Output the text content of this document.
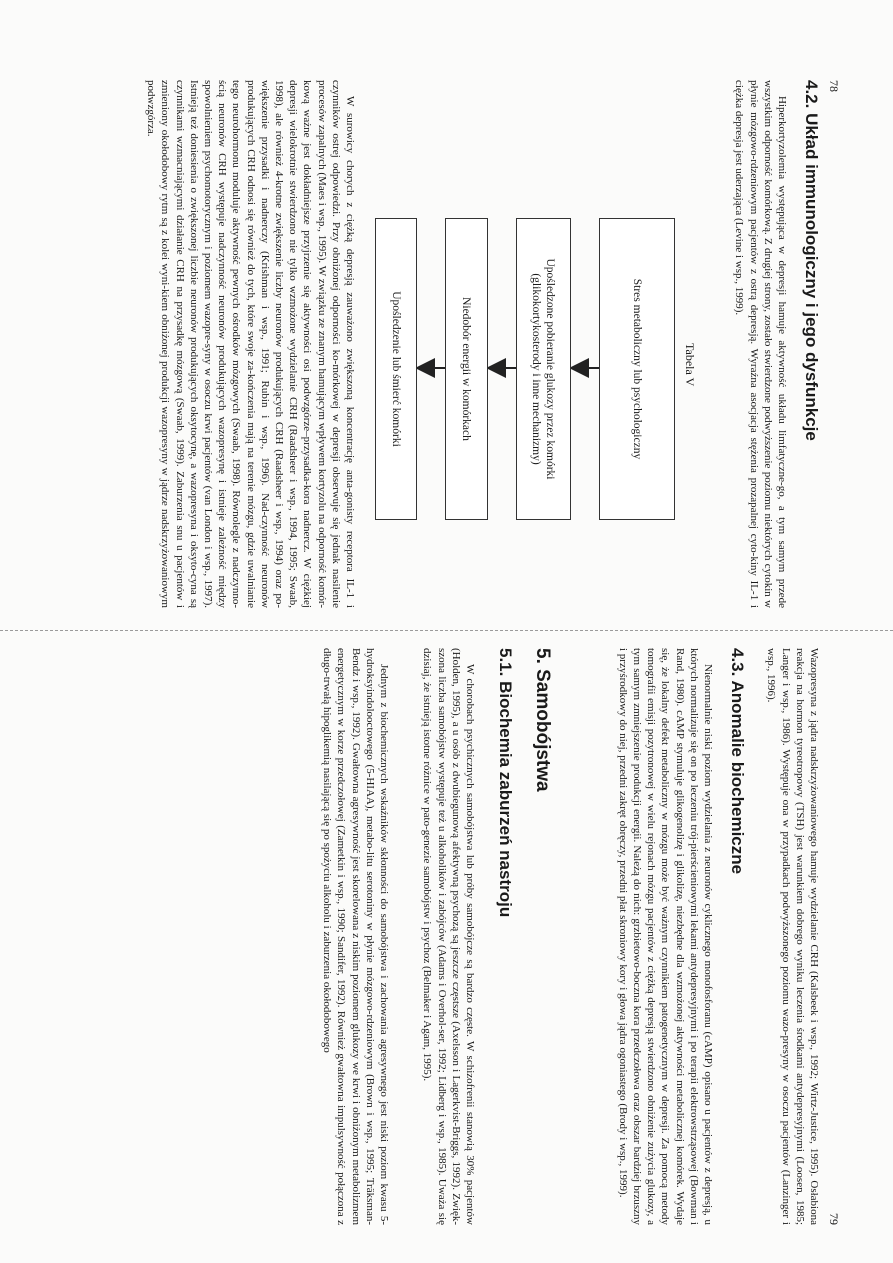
78
4.2. Układ immunologiczny i jego dysfunkcje

Hiperkortyzolemia występująca w depresji hamuje aktywność układu limfatyczne-go, a tym samym przede wszystkim odporność komórkową. Z drugiej strony, zostało stwierdzone podwyższenie poziomu niektórych cytokin w płynie mózgowo-rdzeniowym pacjentów z ostrą depresją. Wyraźna asocjacja stężenia prozapalnej cyto-kiny IL-1 i ciężka depresja jest uderzająca (Levine i wsp., 1999).

Tabela V
Stres metaboliczny lub psychologiczny
Upośledzone pobieranie glukozy przez komórki
(glikokortykosterody i inne mechanizmy)
Niedobór energii w komórkach
Upośledzenie lub śmierć komórki

W surowicy chorych z ciężką depresją zauważono zwiększoną koncentrację anta-gonisty receptora IL-1 i czynników ostrej odpowiedzi. Przy obniżonej odporności ko-mórkowej w depresji obserwuje się jednak nasilenie procesów zapalnych (Maes i wsp., 1995). W związku ze znanym hamującym wpływem kortyzolu na odporność komór-kową ważne jest dokładniejsze przyjrzenie się aktywności osi podwzgórze–przysadka-kora nadnercz. W ciężkiej depresji wielokrotnie stwierdzono nie tylko wzmożone wydzielanie CRH (Raadsheer i wsp., 1994, 1995; Swaab, 1998), ale również 4-krotne zwiększenie liczby neuronów produkujących CRH (Raadsheer i wsp., 1994) oraz po-większenie przysadki i nadnerczy (Krishman i wsp., 1991; Rubin i wsp., 1996). Nad-czynność neuronów produkujących CRH odnosi się również do tych, które swoje za-kończenia mają na terenie mózgu, gdzie uwalnianie tego neurohormonu moduluje aktywność pewnych ośrodków mózgowych (Swaab, 1998). Równolegle z nadczynno-ścią neuronów CRH występuje nadczynność neuronów produkujących wazopresynę i istnieje zależność między spowolnieniem psychomotorycznym i poziomem wazopre-syny w osoczu krwi pacjentów (van London i wsp., 1997). Istnieją też doniesienia o zwiększonej liczbie neuronów produkujących oksytocynę, a wazopresyna i oksyto-cyna są czynnikami wzmacniającymi działanie CRH na przysadkę mózgową (Swaab, 1999). Zaburzenia snu u pacjentów i zmieniony okołodobowy rytm są z kolei wyni-kiem obniżonej produkcji wazopresyny w jądrze nadskrzyżowaniowym podwzgórza.

79

Wazopresyna z jądra nadskrzyżowaniowego hamuje wydzielanie CRH (Kalsbeek i wsp., 1992; Wirtz-Justice, 1995). Osłabiona reakcja na hormon tyreotropowy (TSH) jest warunkiem dobrego wyniku leczenia środkami antydepresyjnymi (Loosen, 1985; Langer i wsp., 1986). Występuje ona w przypadkach podwyższonego poziomu wazo-presyny w osoczu pacjentów (Lanzinger i wsp., 1996).

4.3. Anomalie biochemiczne

Nienormalnie niski poziom wydzielania z neuronów cyklicznego monofosforanu (cAMP) opisano u pacjentów z depresją, u których normalizuje się on po leczeniu trój-pierścieniowymi lekami antydepresyjnymi i po terapii elektrowstrząsowej (Bowman i Rand, 1980). cAMP stymuluje glikogenolizę i glikolizę, niezbędne dla wzmożonej aktywności metabolicznej komórek. Wydaje się, że lokalny defekt metaboliczny w mózgu może być ważnym czynnikiem patogenetycznym w depresji. Za pomocą metody tomografii emisji pozytronowej w wielu rejonach mózgu pacjentów z ciężką depresją stwierdzono obniżenie zużycia glukozy, a tym samym zmniejszenie produkcji energii. Należą do nich: grzbietowo-boczna kora przedczołowa oraz obszar bardziej brzuszny i przyśrodkowy do niej, przedni zakręt obręczy, przedni płat skroniowy kory i głowa jądra ogoniastego (Brody i wsp., 1999).

5. Samobójstwa
5.1. Biochemia zaburzeń nastroju

W chorobach psychicznych samobójstwa lub próby samobójcze są bardzo częste. W schizofrenii stanowią 30% pacjentów (Holden, 1995), a u osób z dwubiegunową afektywną psychozą są jeszcze częstsze (Axelsson i Lagerkvist-Briggs, 1992). Zwięk-szona liczba samobójstw występuje też u alkoholików i zabójców (Adams i Overhol-ser, 1992; Lidberg i wsp., 1985). Uważa się dzisiaj, że istnieją istotne różnice w pato-genezie samobójstw i psychoz (Belmaker i Agam, 1995).

Jednym z biochemicznych wskaźników skłonności do samobójstwa i zachowania agresywnego jest niski poziom kwasu 5-hydroksyindolooctowego (5-HIAA), metabo-litu serotoniny w płynie mózgowo-rdzeniowym (Brown i wsp., 1995; Träksman-Bendz i wsp., 1992). Gwałtowna agresywność jest skorelowana z niskim poziomem glukozy we krwi i obniżonym metabolizmem energetycznym w korze przedczołowej (Zametkin i wsp., 1990; Sandifer, 1992). Również gwałtowna impulsywność połączona z długo-trwałą hipoglikemią nasilającą się po spożyciu alkoholu i zaburzenia okołodobowego
